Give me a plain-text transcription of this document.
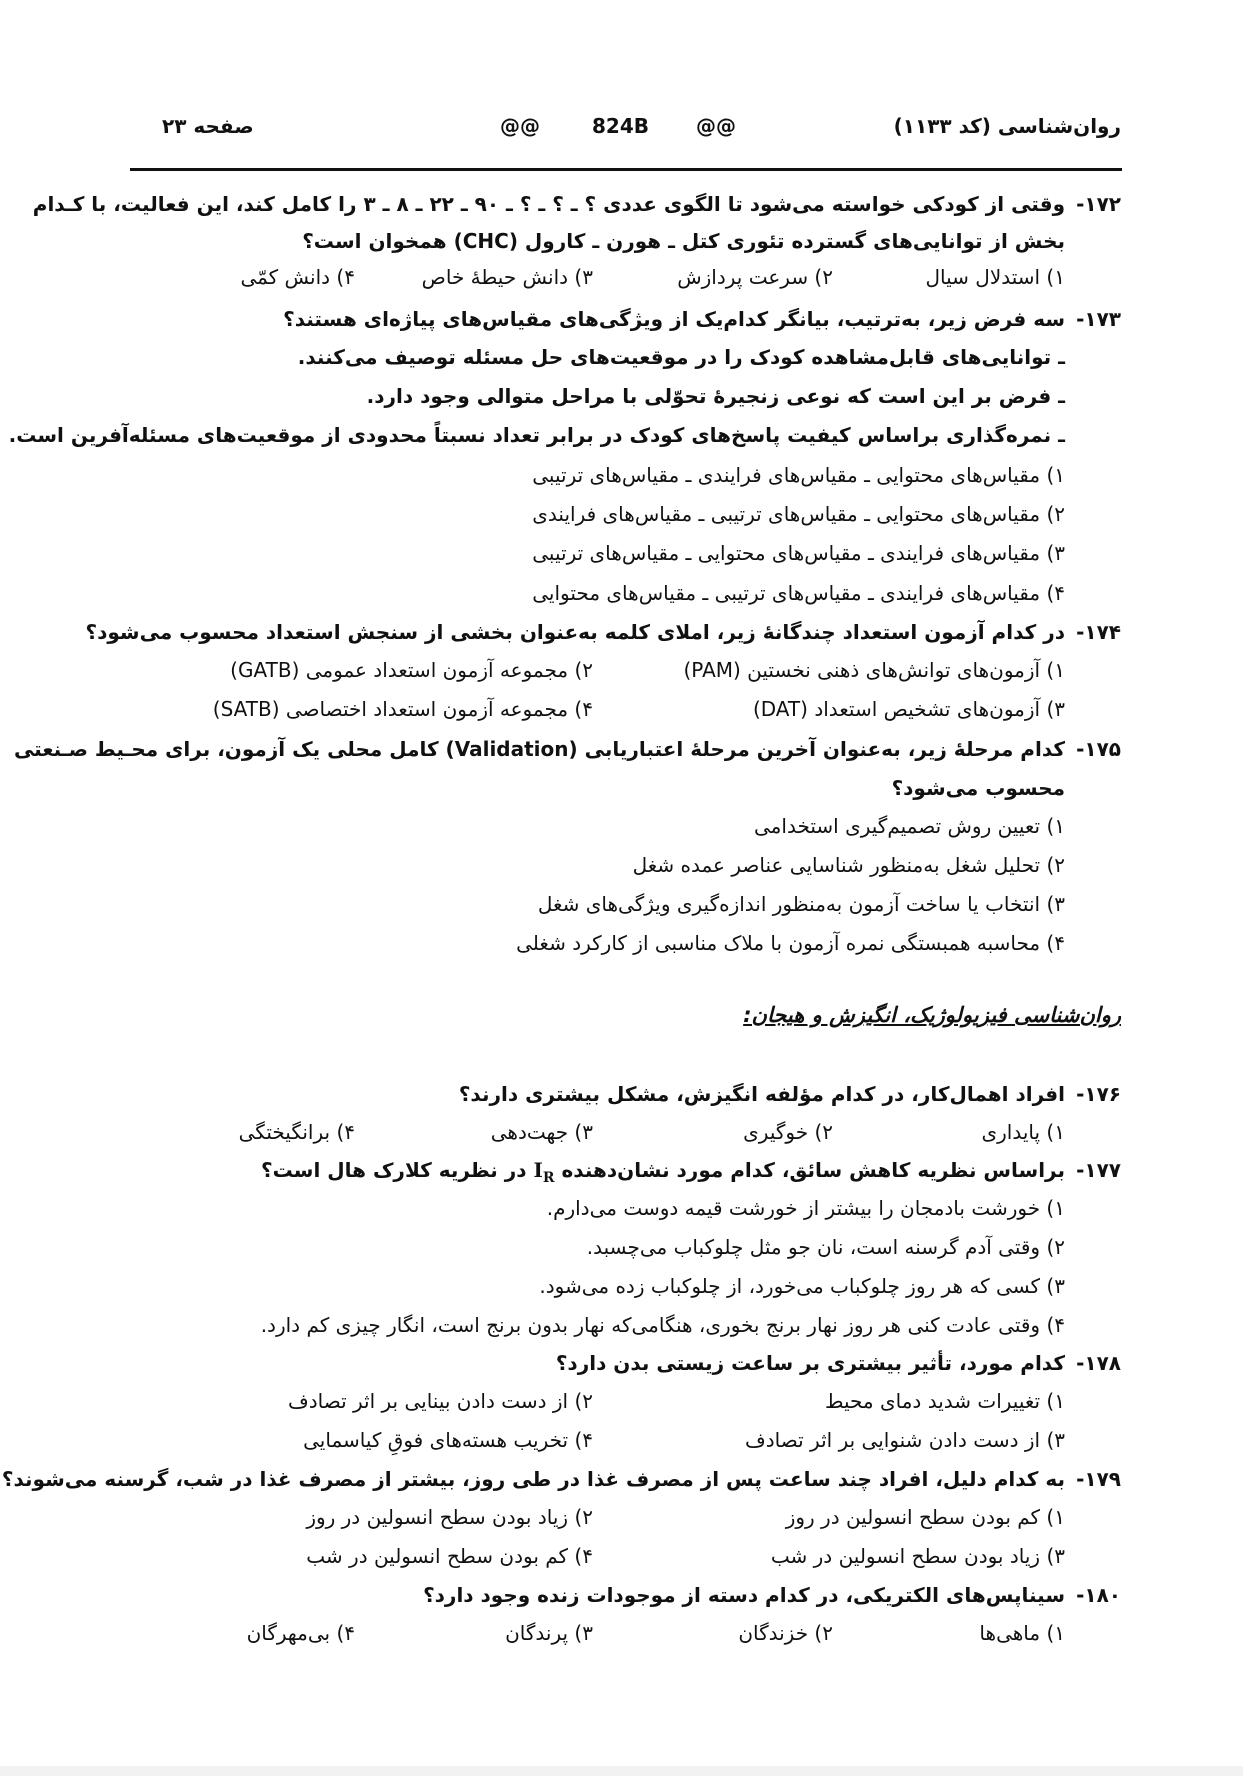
روان‌شناسی (کد ۱۱۳۳)
@@
824B
@@
صفحه ۲۳
۱۷۲-
وقتی از کودکی خواسته می‌شود تا الگوی عددی ؟ ـ ؟ ـ ؟ ـ ۹۰ ـ ۲۲ ـ ۸ ـ ۳ را کامل کند، این فعالیت، با کـدام
بخش از توانایی‌های گسترده تئوری کتل ـ هورن ـ کارول (CHC) همخوان است؟
۱) استدلال سیال
۲) سرعت پردازش
۳) دانش حیطهٔ خاص
۴) دانش کمّی
۱۷۳-
سه فرض زیر، به‌ترتیب، بیانگر کدام‌یک از ویژگی‌های مقیاس‌های پیاژه‌ای هستند؟
ـ توانایی‌های قابل‌مشاهده کودک را در موقعیت‌های حل مسئله توصیف می‌کنند.
ـ فرض بر این است که نوعی زنجیرهٔ تحوّلی با مراحل متوالی وجود دارد.
ـ نمره‌گذاری براساس کیفیت پاسخ‌های کودک در برابر تعداد نسبتاً محدودی از موقعیت‌های مسئله‌آفرین است.
۱) مقیاس‌های محتوایی ـ مقیاس‌های فرایندی ـ مقیاس‌های ترتیبی
۲) مقیاس‌های محتوایی ـ مقیاس‌های ترتیبی ـ مقیاس‌های فرایندی
۳) مقیاس‌های فرایندی ـ مقیاس‌های محتوایی ـ مقیاس‌های ترتیبی
۴) مقیاس‌های فرایندی ـ مقیاس‌های ترتیبی ـ مقیاس‌های محتوایی
۱۷۴-
در کدام آزمون استعداد چندگانهٔ زیر، املای کلمه به‌عنوان بخشی از سنجش استعداد محسوب می‌شود؟
۱) آزمون‌های توانش‌های ذهنی نخستین (PAM)
۲) مجموعه آزمون استعداد عمومی (GATB)
۳) آزمون‌های تشخیص استعداد (DAT)
۴) مجموعه آزمون استعداد اختصاصی (SATB)
۱۷۵-
کدام مرحلهٔ زیر، به‌عنوان آخرین مرحلهٔ اعتباریابی (Validation) کامل محلی یک آزمون، برای محـیط صـنعتی
محسوب می‌شود؟
۱) تعیین روش تصمیم‌گیری استخدامی
۲) تحلیل شغل به‌منظور شناسایی عناصر عمده شغل
۳) انتخاب یا ساخت آزمون به‌منظور اندازه‌گیری ویژگی‌های شغل
۴) محاسبه همبستگی نمره آزمون با ملاک مناسبی از کارکرد شغلی
روان‌شناسی فیزیولوژیک، انگیزش و هیجان:
۱۷۶-
افراد اهمال‌کار، در کدام مؤلفه انگیزش، مشکل بیشتری دارند؟
۱) پایداری
۲) خوگیری
۳) جهت‌دهی
۴) برانگیختگی
۱۷۷-
براساس نظریه کاهش سائق، کدام مورد نشان‌دهنده $I_R$ در نظریه کلارک هال است؟
۱) خورشت بادمجان را بیشتر از خورشت قیمه دوست می‌دارم.
۲) وقتی آدم گرسنه است، نان جو مثل چلوکباب می‌چسبد.
۳) کسی که هر روز چلوکباب می‌خورد، از چلوکباب زده می‌شود.
۴) وقتی عادت کنی هر روز نهار برنج بخوری، هنگامی‌که نهار بدون برنج است، انگار چیزی کم دارد.
۱۷۸-
کدام مورد، تأثیر بیشتری بر ساعت زیستی بدن دارد؟
۱) تغییرات شدید دمای محیط
۲) از دست دادن بینایی بر اثر تصادف
۳) از دست دادن شنوایی بر اثر تصادف
۴) تخریب هسته‌های فوقِ کیاسمایی
۱۷۹-
به کدام دلیل، افراد چند ساعت پس از مصرف غذا در طی روز، بیشتر از مصرف غذا در شب، گرسنه می‌شوند؟
۱) کم بودن سطح انسولین در روز
۲) زیاد بودن سطح انسولین در روز
۳) زیاد بودن سطح انسولین در شب
۴) کم بودن سطح انسولین در شب
۱۸۰-
سیناپس‌های الکتریکی، در کدام دسته از موجودات زنده وجود دارد؟
۱) ماهی‌ها
۲) خزندگان
۳) پرندگان
۴) بی‌مهرگان
